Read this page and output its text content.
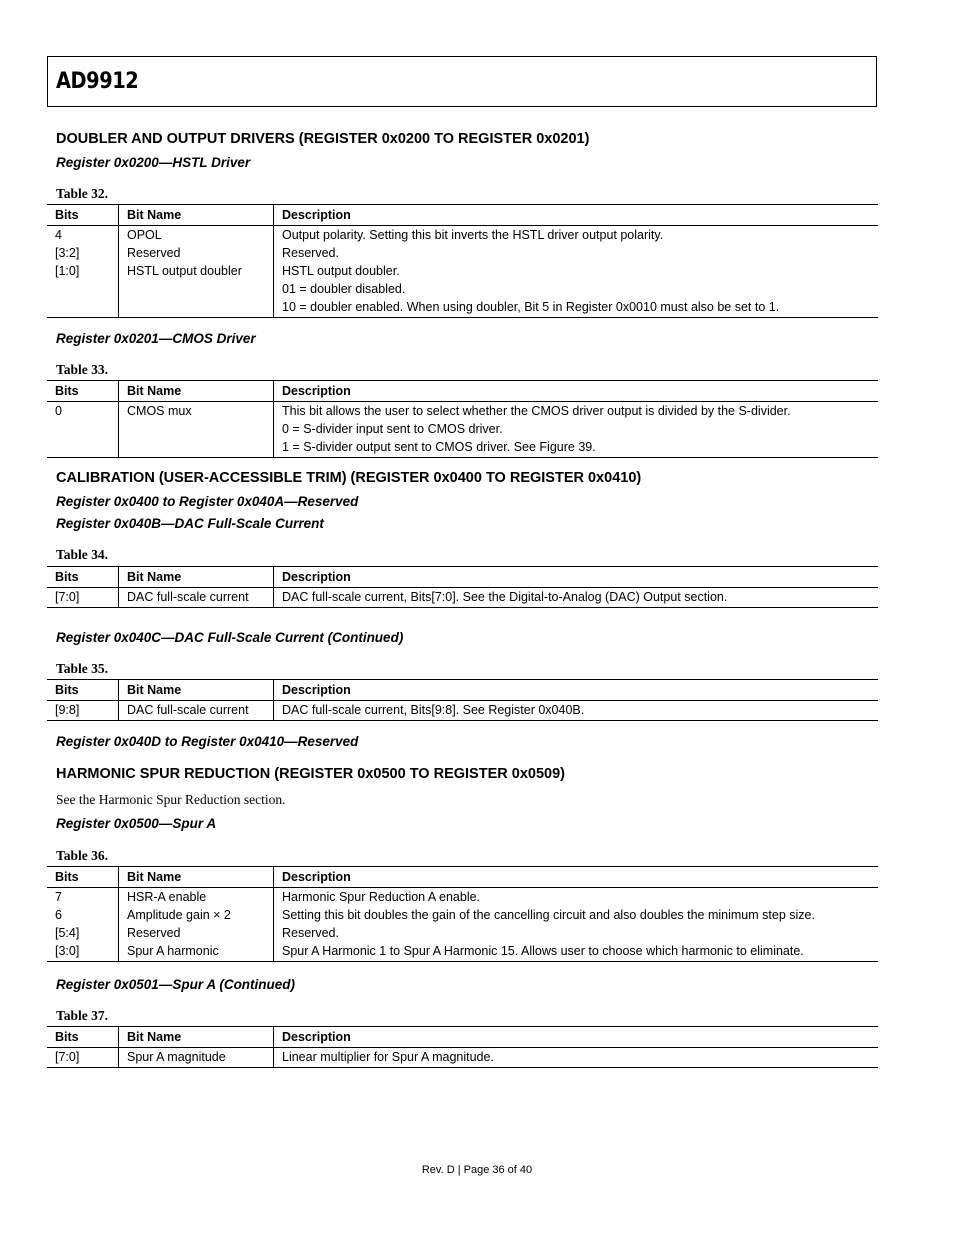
AD9912
DOUBLER AND OUTPUT DRIVERS (REGISTER 0x0200 TO REGISTER 0x0201)
Register 0x0200—HSTL Driver
Table 32.
Bits	Bit Name	Description
4	OPOL	Output polarity. Setting this bit inverts the HSTL driver output polarity.

[3:2]	Reserved	Reserved.

[1:0]	HSTL output doubler	HSTL output doubler.
01 = doubler disabled.
10 = doubler enabled. When using doubler, Bit 5 in Register 0x0010 must also be set to 1.
Register 0x0201—CMOS Driver
Table 33.
Bits	Bit Name	Description
0	CMOS mux	This bit allows the user to select whether the CMOS driver output is divided by the S-divider.
0 = S-divider input sent to CMOS driver.
1 = S-divider output sent to CMOS driver. See Figure 39.
CALIBRATION (USER-ACCESSIBLE TRIM) (REGISTER 0x0400 TO REGISTER 0x0410)
Register 0x0400 to Register 0x040A—Reserved
Register 0x040B—DAC Full-Scale Current
Table 34.
Bits	Bit Name	Description
[7:0]	DAC full-scale current	DAC full-scale current, Bits[7:0]. See the Digital-to-Analog (DAC) Output section.
Register 0x040C—DAC Full-Scale Current (Continued)
Table 35.
Bits	Bit Name	Description
[9:8]	DAC full-scale current	DAC full-scale current, Bits[9:8]. See Register 0x040B.
Register 0x040D to Register 0x0410—Reserved
HARMONIC SPUR REDUCTION (REGISTER 0x0500 TO REGISTER 0x0509)
See the Harmonic Spur Reduction section.
Register 0x0500—Spur A
Table 36.
Bits	Bit Name	Description
7	HSR-A enable	Harmonic Spur Reduction A enable.

6	Amplitude gain × 2	Setting this bit doubles the gain of the cancelling circuit and also doubles the minimum step size.

[5:4]	Reserved	Reserved.

[3:0]	Spur A harmonic	Spur A Harmonic 1 to Spur A Harmonic 15. Allows user to choose which harmonic to eliminate.
Register 0x0501—Spur A (Continued)
Table 37.
Bits	Bit Name	Description
[7:0]	Spur A magnitude	Linear multiplier for Spur A magnitude.
Rev. D | Page 36 of 40
